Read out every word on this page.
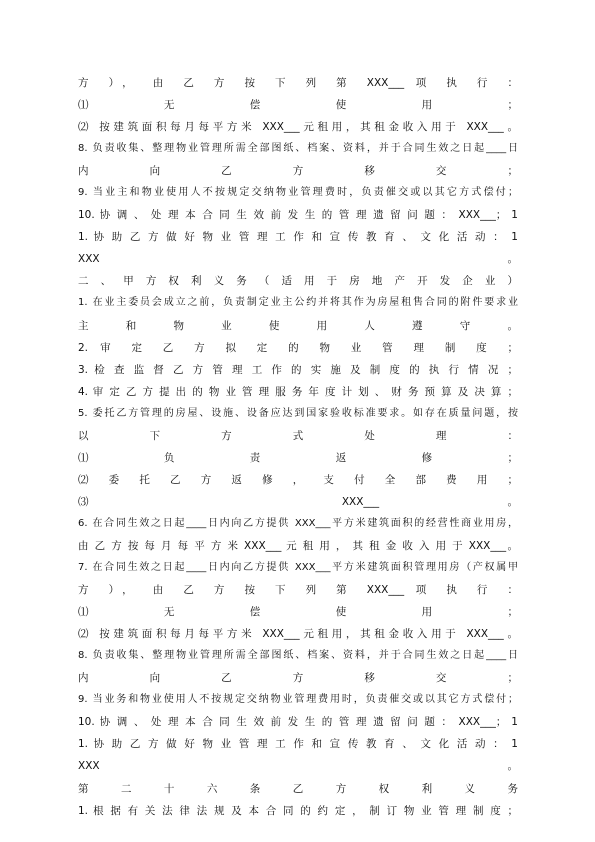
方 ）， 由 乙 方 按 下 列 第 XXX___ 项 执 行 ：
⑴ 无 偿 使 用 ；
⑵ 按建筑面积每月每平方米 XXX___元租用，其租金收入用于 XXX___。
8. 负责收集、整理物业管理所需全部图纸、档案、资料，并于合同生效之日起____日
内 向 乙 方 移 交 ；
9. 当业主和物业使用人不按规定交纳物业管理费时，负责催交或以其它方式偿付；
10. 协 调 、 处 理 本 合 同 生 效 前 发 生 的 管 理 遗 留 问 题 ： XXX___； 1
1. 协 助 乙 方 做 好 物 业 管 理 工 作 和 宣 传 教 育 、 文 化 活 动 ： 1
XXX 。
二 、 甲 方 权 利 义 务 （ 适 用 于 房 地 产 开 发 企 业 ）
1. 在业主委员会成立之前，负责制定业主公约并将其作为房屋租售合同的附件要求业
主 和 物 业 使 用 人 遵 守 。
2. 审 定 乙 方 拟 定 的 物 业 管 理 制 度 ；
3. 检 查 监 督 乙 方 管 理 工 作 的 实 施 及 制 度 的 执 行 情 况 ；
4. 审 定 乙 方 提 出 的 物 业 管 理 服 务 年 度 计 划 、 财 务 预 算 及 决 算 ；
5. 委托乙方管理的房屋、设施、设备应达到国家验收标准要求。如存在质量问题，按
以 下 方 式 处 理 ：
⑴ 负 责 返 修 ；
⑵ 委 托 乙 方 返 修 ， 支 付 全 部 费 用 ；
⑶ XXX___ 。
6. 在合同生效之日起____日内向乙方提供 XXX___平方米建筑面积的经营性商业用房，
由 乙 方 按 每 月 每 平 方 米 XXX___ 元 租 用 ， 其 租 金 收 入 用 于 XXX___。
7. 在合同生效之日起____日内向乙方提供 XXX___平方米建筑面积管理用房（产权属甲
方 ）， 由 乙 方 按 下 列 第 XXX___ 项 执 行 ：
⑴ 无 偿 使 用 ；
⑵ 按建筑面积每月每平方米 XXX___元租用，其租金收入用于 XXX___。
8. 负责收集、整理物业管理所需全部图纸、档案、资料，并于合同生效之日起____日
内 向 乙 方 移 交 ；
9. 当业务和物业使用人不按规定交纳物业管理费用时，负责催交或以其它方式偿付；
10. 协 调 、 处 理 本 合 同 生 效 前 发 生 的 管 理 遗 留 问 题 ： XXX___； 1
1. 协 助 乙 方 做 好 物 业 管 理 工 作 和 宣 传 教 育 、 文 化 活 动 ： 1
XXX 。
第 二 十 六 条 乙 方 权 利 义 务
1. 根 据 有 关 法 律 法 规 及 本 合 同 的 约 定 ， 制 订 物 业 管 理 制 度 ；
